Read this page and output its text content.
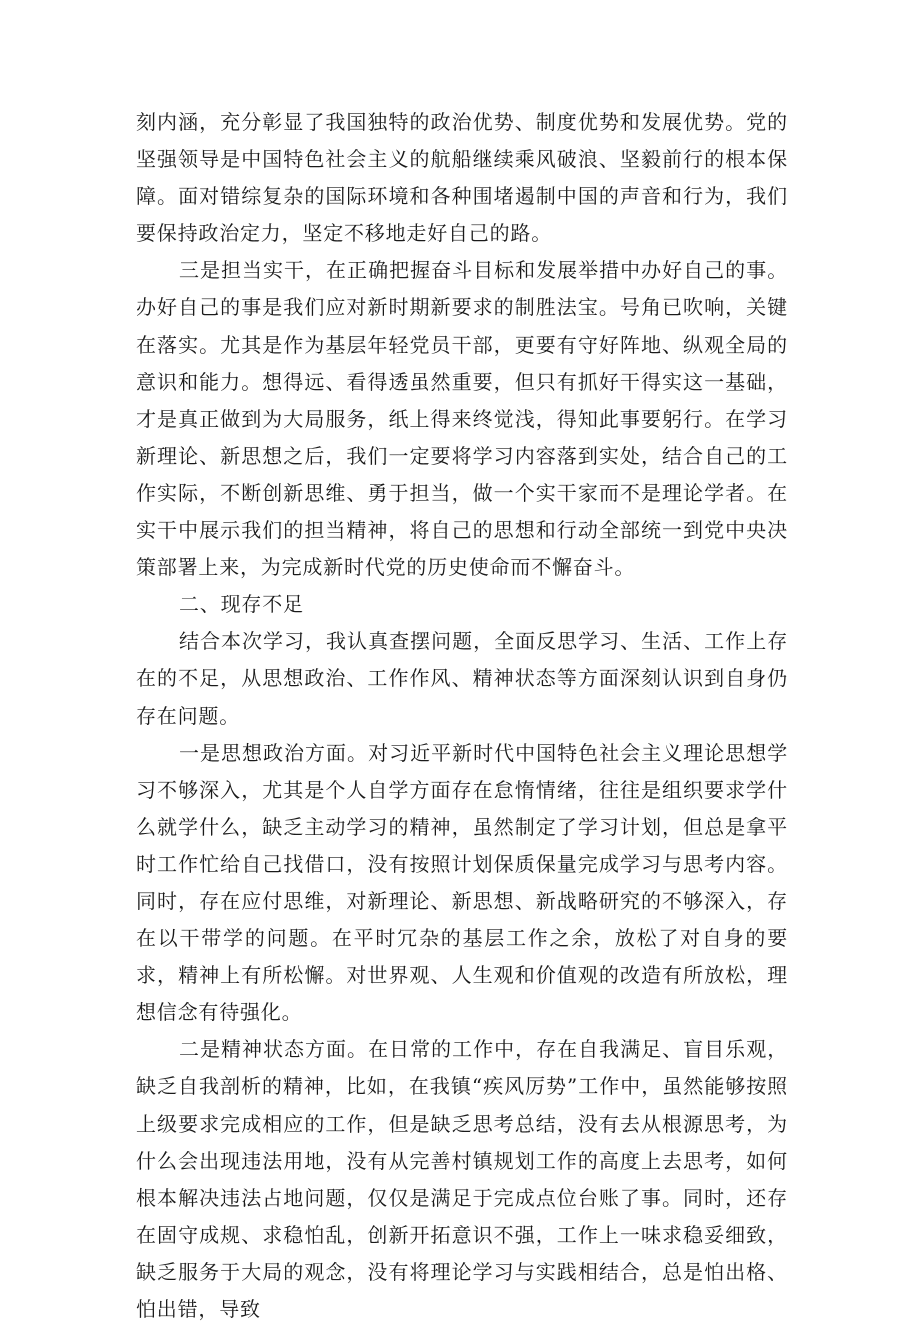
刻内涵，充分彰显了我国独特的政治优势、制度优势和发展优势。党的坚强领导是中国特色社会主义的航船继续乘风破浪、坚毅前行的根本保障。面对错综复杂的国际环境和各种围堵遏制中国的声音和行为，我们要保持政治定力，坚定不移地走好自己的路。

三是担当实干，在正确把握奋斗目标和发展举措中办好自己的事。办好自己的事是我们应对新时期新要求的制胜法宝。号角已吹响，关键在落实。尤其是作为基层年轻党员干部，更要有守好阵地、纵观全局的意识和能力。想得远、看得透虽然重要，但只有抓好干得实这一基础，才是真正做到为大局服务，纸上得来终觉浅，得知此事要躬行。在学习新理论、新思想之后，我们一定要将学习内容落到实处，结合自己的工作实际，不断创新思维、勇于担当，做一个实干家而不是理论学者。在实干中展示我们的担当精神，将自己的思想和行动全部统一到党中央决策部署上来，为完成新时代党的历史使命而不懈奋斗。

二、现存不足

结合本次学习，我认真查摆问题，全面反思学习、生活、工作上存在的不足，从思想政治、工作作风、精神状态等方面深刻认识到自身仍存在问题。

一是思想政治方面。对习近平新时代中国特色社会主义理论思想学习不够深入，尤其是个人自学方面存在怠惰情绪，往往是组织要求学什么就学什么，缺乏主动学习的精神，虽然制定了学习计划，但总是拿平时工作忙给自己找借口，没有按照计划保质保量完成学习与思考内容。同时，存在应付思维，对新理论、新思想、新战略研究的不够深入，存在以干带学的问题。在平时冗杂的基层工作之余，放松了对自身的要求，精神上有所松懈。对世界观、人生观和价值观的改造有所放松，理想信念有待强化。

二是精神状态方面。在日常的工作中，存在自我满足、盲目乐观，缺乏自我剖析的精神，比如，在我镇“疾风厉势”工作中，虽然能够按照上级要求完成相应的工作，但是缺乏思考总结，没有去从根源思考，为什么会出现违法用地，没有从完善村镇规划工作的高度上去思考，如何根本解决违法占地问题，仅仅是满足于完成点位台账了事。同时，还存在固守成规、求稳怕乱，创新开拓意识不强，工作上一味求稳妥细致，缺乏服务于大局的观念，没有将理论学习与实践相结合，总是怕出格、怕出错，导致
